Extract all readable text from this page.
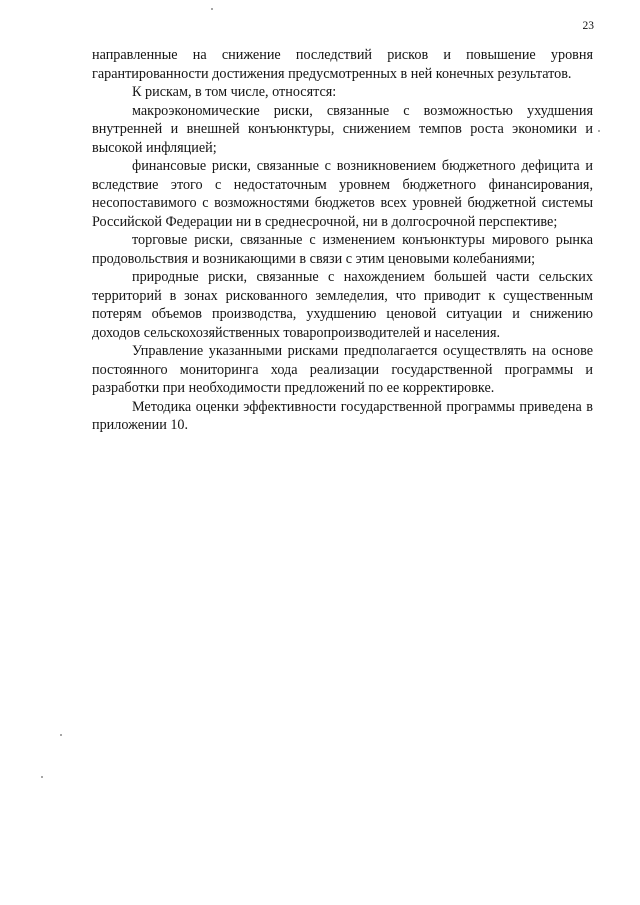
23

направленные на снижение последствий рисков и повышение уровня гарантированности достижения предусмотренных в ней конечных результатов.

К рискам, в том числе, относятся:

макроэкономические риски, связанные с возможностью ухудшения внутренней и внешней конъюнктуры, снижением темпов роста экономики и высокой инфляцией;

финансовые риски, связанные с возникновением бюджетного дефицита и вследствие этого с недостаточным уровнем бюджетного финансирования, несопоставимого с возможностями бюджетов всех уровней бюджетной системы Российской Федерации ни в среднесрочной, ни в долгосрочной перспективе;

торговые риски, связанные с изменением конъюнктуры мирового рынка продовольствия и возникающими в связи с этим ценовыми колебаниями;

природные риски, связанные с нахождением большей части сельских территорий в зонах рискованного земледелия, что приводит к существенным потерям объемов производства, ухудшению ценовой ситуации и снижению доходов сельскохозяйственных товаропроизводителей и населения.

Управление указанными рисками предполагается осуществлять на основе постоянного мониторинга хода реализации государственной программы и разработки при необходимости предложений по ее корректировке.

Методика оценки эффективности государственной программы приведена в приложении 10.
